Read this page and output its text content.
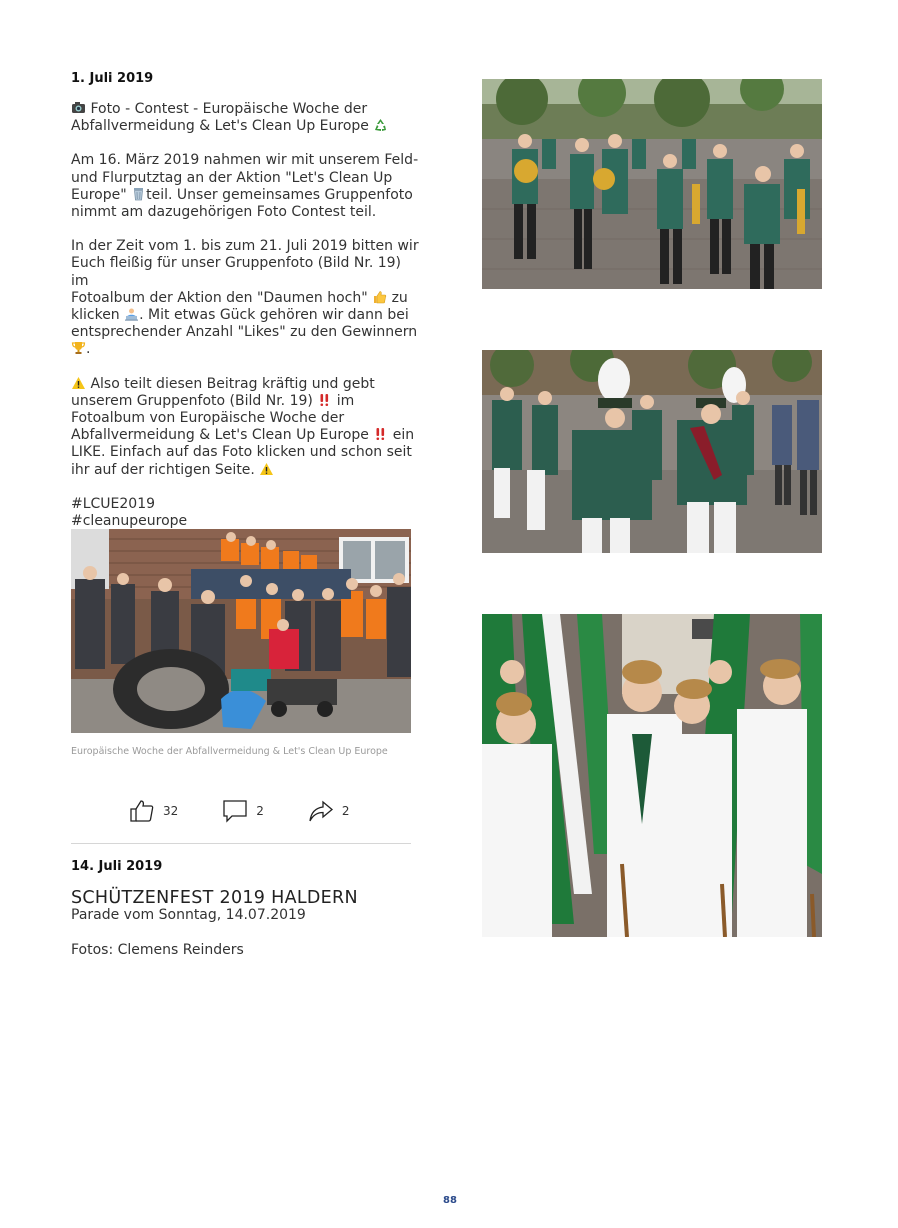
1. Juli 2019
Foto - Contest - Europäische Woche der
Abfallvermeidung & Let's Clean Up Europe
Am 16. März 2019 nahmen wir mit unserem Feld-
und Flurputztag an der Aktion "Let's Clean Up
Europe" teil. Unser gemeinsames Gruppenfoto
nimmt am dazugehörigen Foto Contest teil.
In der Zeit vom 1. bis zum 21. Juli 2019 bitten wir
Euch fleißig für unser Gruppenfoto (Bild Nr. 19) im
Fotoalbum der Aktion den "Daumen hoch" zu
klicken . Mit etwas Gück gehören wir dann bei
entsprechender Anzahl "Likes" zu den Gewinnern
.
Also teilt diesen Beitrag kräftig und gebt
unserem Gruppenfoto (Bild Nr. 19) im
Fotoalbum von Europäische Woche der
Abfallvermeidung & Let's Clean Up Europe ein
LIKE. Einfach auf das Foto klicken und schon seit
ihr auf der richtigen Seite.
#LCUE2019
#cleanupeurope
Europäische Woche der Abfallvermeidung & Let's Clean Up Europe
32	2	2
14. Juli 2019
SCHÜTZENFEST 2019 HALDERN
Parade vom Sonntag, 14.07.2019
Fotos: Clemens Reinders
88
